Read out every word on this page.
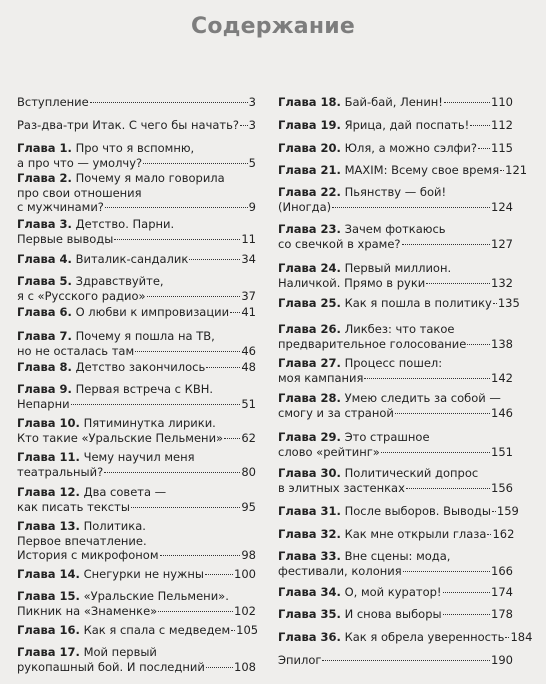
Содержание
Вступление	3
Раз-два-три Итак. С чего бы начать? 3
Глава 1. Про что я вспомню,
а про что — умолчу?	5
Глава 2. Почему я мало говорила
про свои отношения
с мужчинами?	9
Глава 3. Детство. Парни.
Первые выводы	11
Глава 4. Виталик-сандалик	34
Глава 5. Здравствуйте,
я с «Русского радио»	37
Глава 6. О любви к импровизации 41
Глава 7. Почему я пошла на ТВ,
но не осталась там	46
Глава 8. Детство закончилось	48
Глава 9. Первая встреча с КВН.
Непарни	51
Глава 10. Пятиминутка лирики.
Кто такие «Уральские Пельмени» 62
Глава 11. Чему научил меня
театральный?	80
Глава 12. Два совета —
как писать тексты	95
Глава 13. Политика.
Первое впечатление.
История с микрофоном	98
Глава 14. Снегурки не нужны	100
Глава 15. «Уральские Пельмени».
Пикник на «Знаменке»	102
Глава 16. Как я спала с медведем 105
Глава 17. Мой первый
рукопашный бой. И последний	108
Глава 18. Бай-бай, Ленин!	110
Глава 19. Ярица, дай поспать! 112
Глава 20. Юля, а можно сэлфи? 115
Глава 21. MAXIM: Всему свое время 121
Глава 22. Пьянству — бой!
(Иногда)	124
Глава 23. Зачем фоткаюсь
со свечкой в храме?	127
Глава 24. Первый миллион.
Наличкой. Прямо в руки	132
Глава 25. Как я пошла в политику 135
Глава 26. Ликбез: что такое
предварительное голосование 138
Глава 27. Процесс пошел:
моя кампания	142
Глава 28. Умею следить за собой —
смогу и за страной	146
Глава 29. Это страшное
слово «рейтинг»	151
Глава 30. Политический допрос
в элитных застенках	156
Глава 31. После выборов. Выводы 159
Глава 32. Как мне открыли глаза 162
Глава 33. Вне сцены: мода,
фестивали, колония	166
Глава 34. О, мой куратор!	174
Глава 35. И снова выборы	178
Глава 36. Как я обрела уверенность 184
Эпилог	190
